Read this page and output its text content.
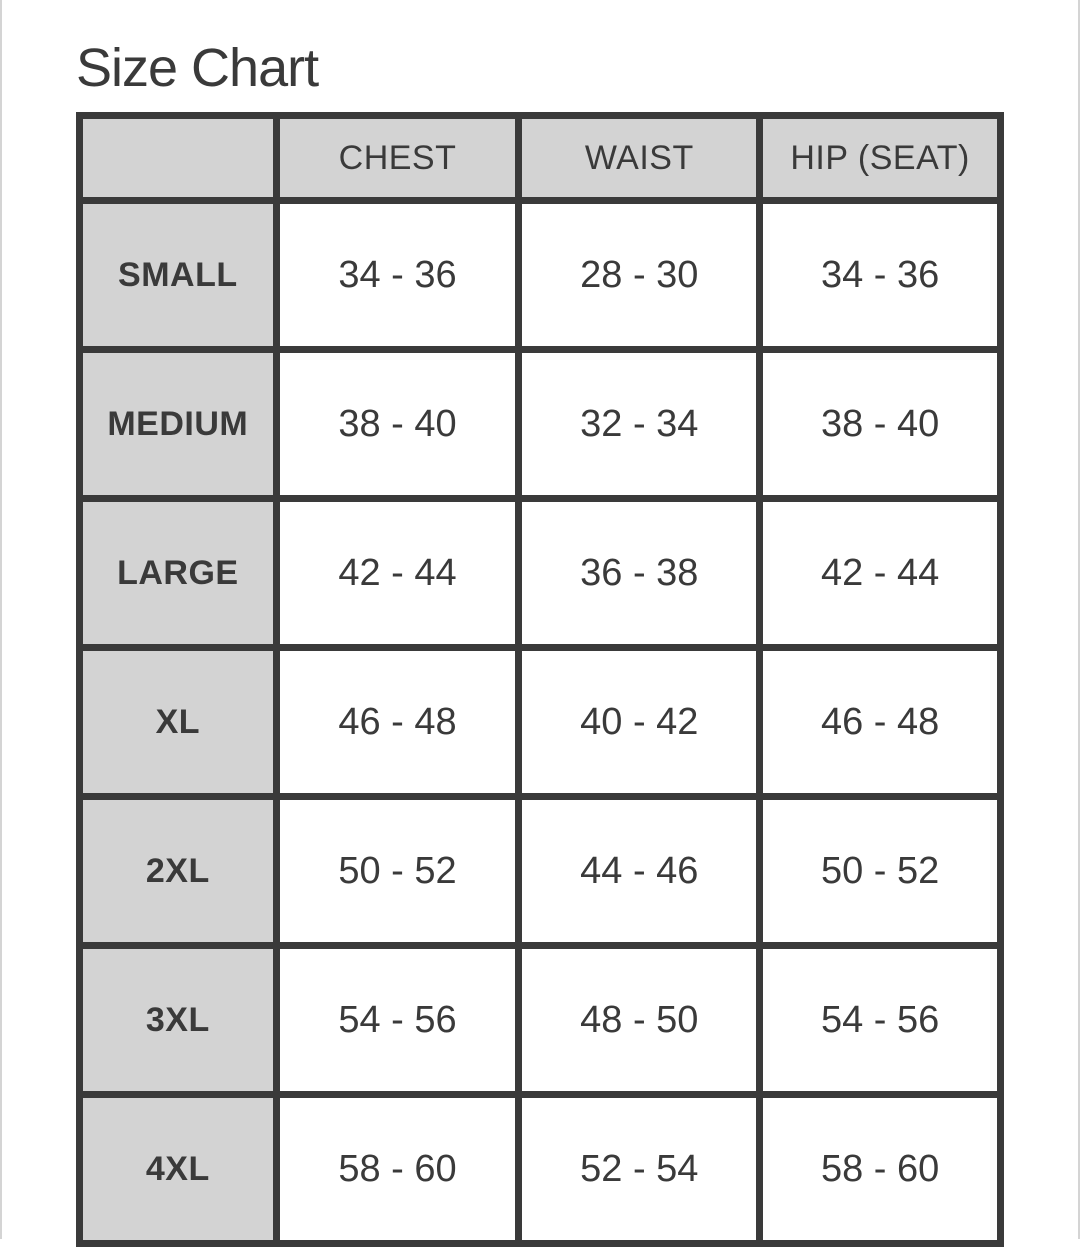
Size Chart
	CHEST	WAIST	HIP (SEAT)
SMALL	34 - 36	28 - 30	34 - 36
MEDIUM	38 - 40	32 - 34	38 - 40
LARGE	42 - 44	36 - 38	42 - 44
XL	46 - 48	40 - 42	46 - 48
2XL	50 - 52	44 - 46	50 - 52
3XL	54 - 56	48 - 50	54 - 56
4XL	58 - 60	52 - 54	58 - 60
